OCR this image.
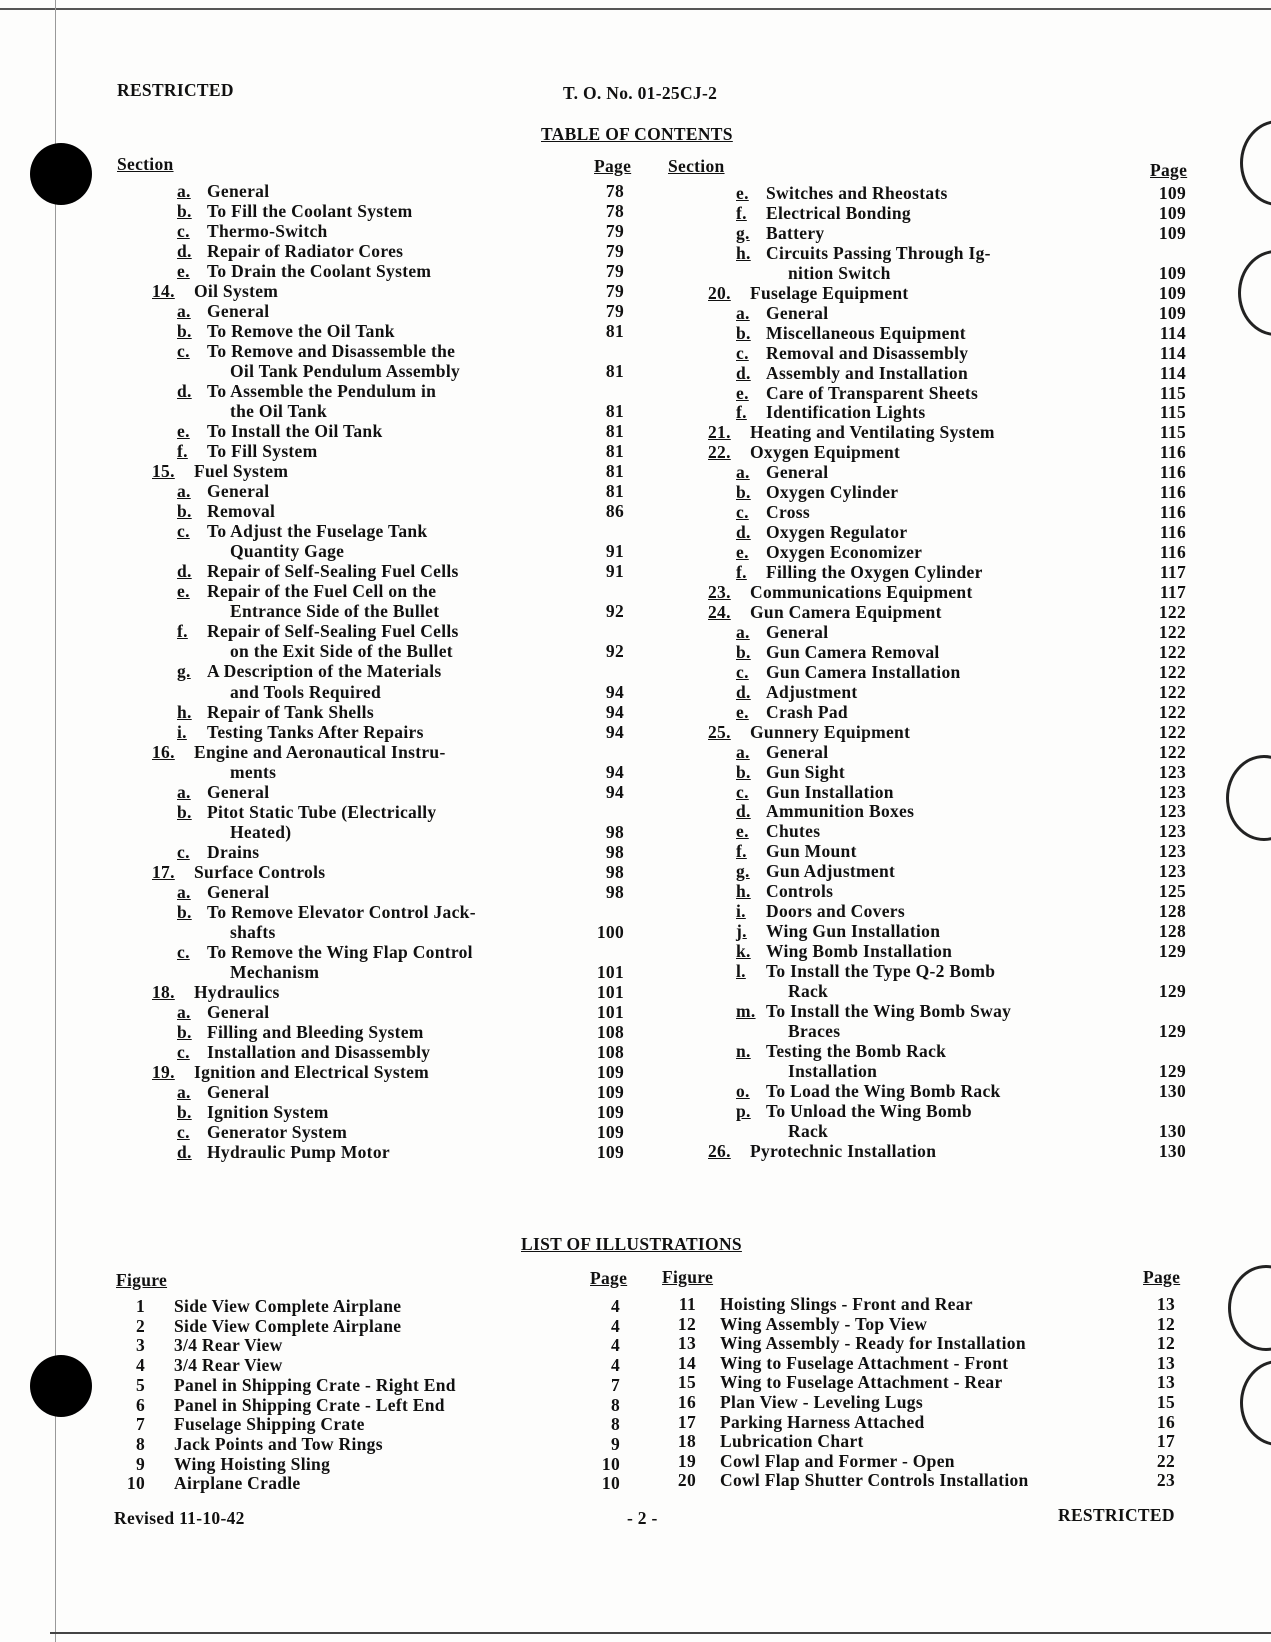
RESTRICTED	T. O. No. 01-25CJ-2
TABLE OF CONTENTS
Section	Page Section	Page
a. General	78
b. To Fill the Coolant System	78
c. Thermo-Switch	79
d. Repair of Radiator Cores	79
e. To Drain the Coolant System	79
14. Oil System	79
a. General	79
b. To Remove the Oil Tank	81
c. To Remove and Disassemble the
Oil Tank Pendulum Assembly	81
d. To Assemble the Pendulum in
the Oil Tank	81
e. To Install the Oil Tank	81
f. To Fill System	81
15. Fuel System	81
a. General	81
b. Removal	86
c. To Adjust the Fuselage Tank
Quantity Gage	91
d. Repair of Self-Sealing Fuel Cells	91
e. Repair of the Fuel Cell on the
Entrance Side of the Bullet	92
f. Repair of Self-Sealing Fuel Cells
on the Exit Side of the Bullet	92
g. A Description of the Materials
and Tools Required	94
h. Repair of Tank Shells	94
i. Testing Tanks After Repairs	94
16. Engine and Aeronautical Instru-
ments	94
a. General	94
b. Pitot Static Tube (Electrically
Heated)	98
c. Drains	98
17. Surface Controls	98
a. General	98
b. To Remove Elevator Control Jack-
shafts	100
c. To Remove the Wing Flap Control
Mechanism	101
18. Hydraulics	101
a. General	101
b. Filling and Bleeding System	108
c. Installation and Disassembly	108
19. Ignition and Electrical System	109
a. General	109
b. Ignition System	109
c. Generator System	109
d. Hydraulic Pump Motor	109
e. Switches and Rheostats	109
f. Electrical Bonding	109
g. Battery	109
h. Circuits Passing Through Ig-
nition Switch	109
20. Fuselage Equipment	109
a. General	109
b. Miscellaneous Equipment	114
c. Removal and Disassembly	114
d. Assembly and Installation	114
e. Care of Transparent Sheets	115
f. Identification Lights	115
21. Heating and Ventilating System	115
22. Oxygen Equipment	116
a. General	116
b. Oxygen Cylinder	116
c. Cross	116
d. Oxygen Regulator	116
e. Oxygen Economizer	116
f. Filling the Oxygen Cylinder	117
23. Communications Equipment	117
24. Gun Camera Equipment	122
a. General	122
b. Gun Camera Removal	122
c. Gun Camera Installation	122
d. Adjustment	122
e. Crash Pad	122
25. Gunnery Equipment	122
a. General	122
b. Gun Sight	123
c. Gun Installation	123
d. Ammunition Boxes	123
e. Chutes	123
f. Gun Mount	123
g. Gun Adjustment	123
h. Controls	125
i. Doors and Covers	128
j. Wing Gun Installation	128
k. Wing Bomb Installation	129
l. To Install the Type Q-2 Bomb
Rack	129
m. To Install the Wing Bomb Sway
Braces	129
n. Testing the Bomb Rack
Installation	129
o. To Load the Wing Bomb Rack	130
p. To Unload the Wing Bomb
Rack	130
26. Pyrotechnic Installation	130
LIST OF ILLUSTRATIONS
Figure	Page Figure	Page
1 Side View Complete Airplane	4
2 Side View Complete Airplane	4
3 3/4 Rear View	4
4 3/4 Rear View	4
5 Panel in Shipping Crate - Right End	7
6 Panel in Shipping Crate - Left End	8
7 Fuselage Shipping Crate	8
8 Jack Points and Tow Rings	9
9 Wing Hoisting Sling	10
10 Airplane Cradle	10
11 Hoisting Slings - Front and Rear	13
12 Wing Assembly - Top View	12
13 Wing Assembly - Ready for Installation	12
14 Wing to Fuselage Attachment - Front	13
15 Wing to Fuselage Attachment - Rear	13
16 Plan View - Leveling Lugs	15
17 Parking Harness Attached	16
18 Lubrication Chart	17
19 Cowl Flap and Former - Open	22
20 Cowl Flap Shutter Controls Installation	23
Revised 11-10-42	- 2 -	RESTRICTED
